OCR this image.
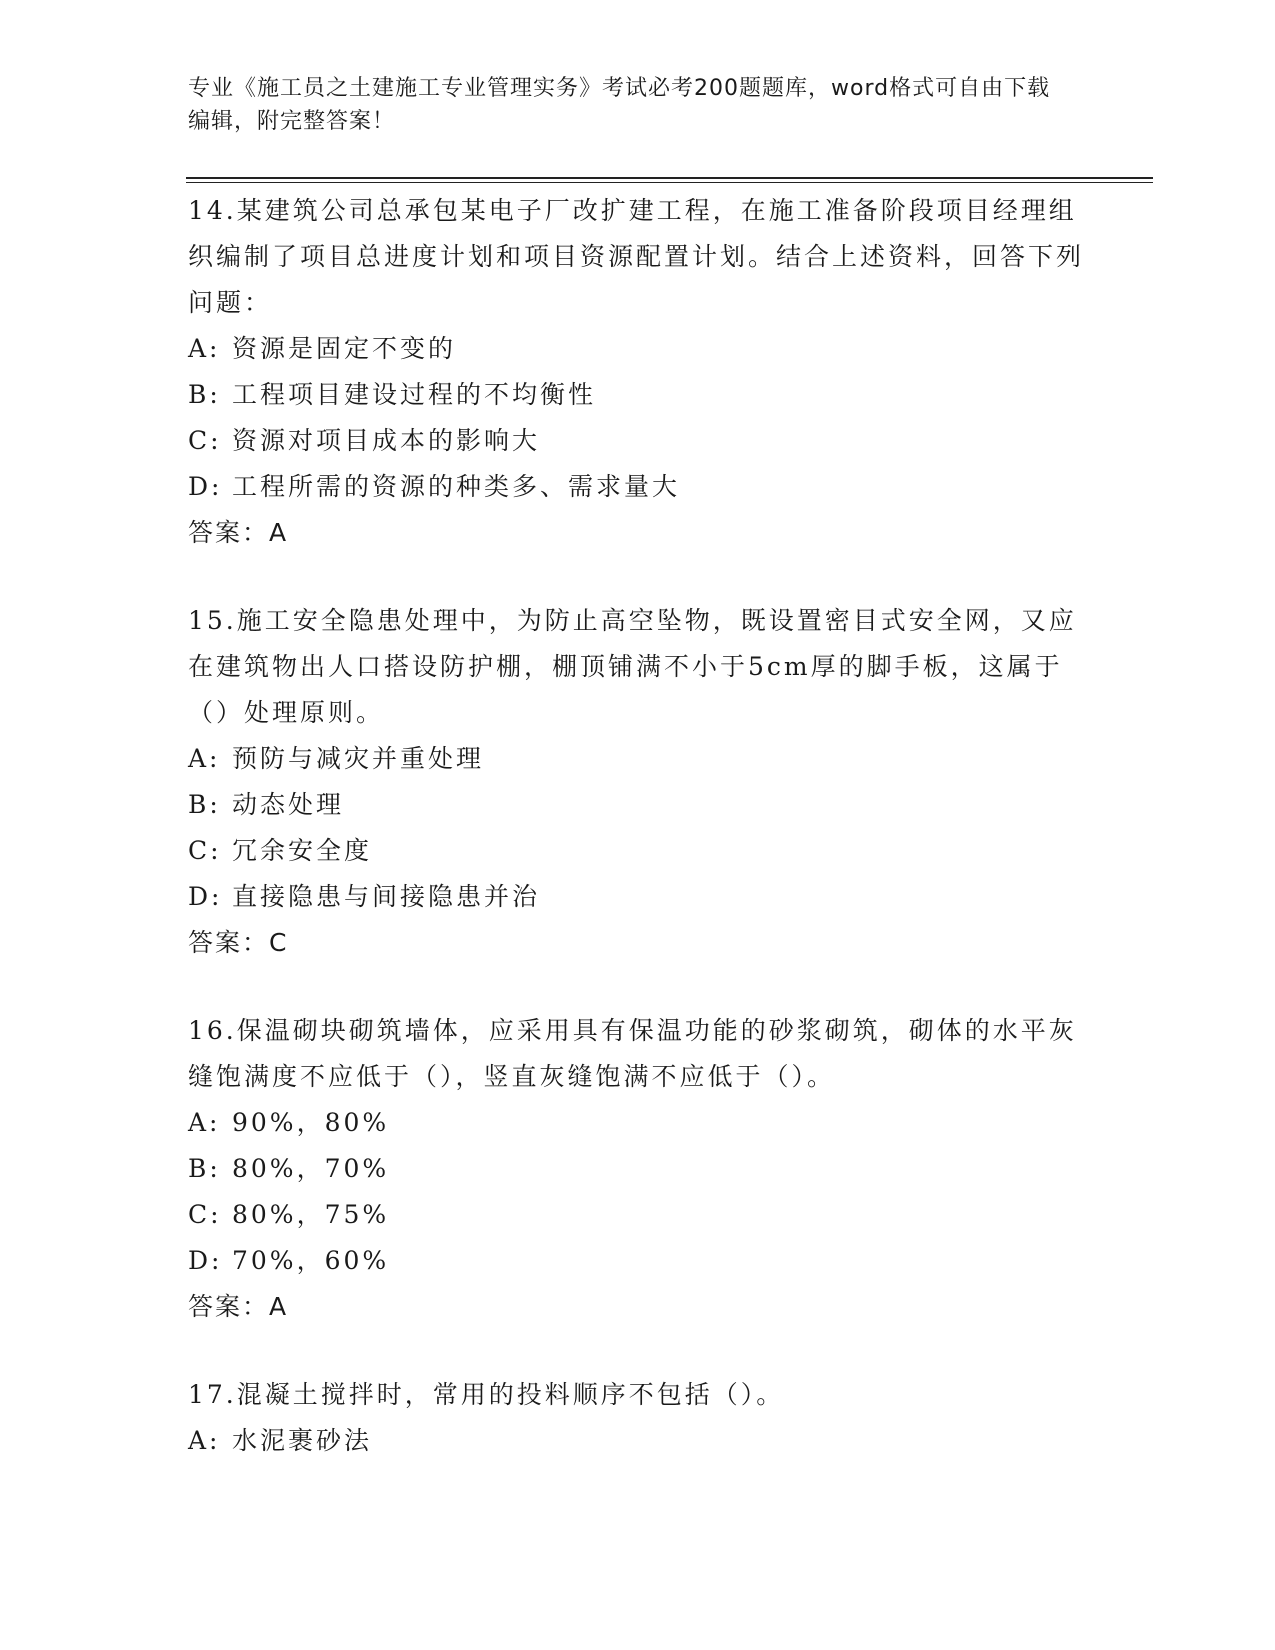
专业《施工员之土建施工专业管理实务》考试必考200题题库，word格式可自由下载编辑，附完整答案！

14.某建筑公司总承包某电子厂改扩建工程，在施工准备阶段项目经理组织编制了项目总进度计划和项目资源配置计划。结合上述资料，回答下列问题：

A: 资源是固定不变的

B: 工程项目建设过程的不均衡性

C: 资源对项目成本的影响大

D: 工程所需的资源的种类多、需求量大

答案：A

15.施工安全隐患处理中，为防止高空坠物，既设置密目式安全网，又应在建筑物出人口搭设防护棚，棚顶铺满不小于5cm厚的脚手板，这属于（）处理原则。

A: 预防与减灾并重处理

B: 动态处理

C: 冗余安全度

D: 直接隐患与间接隐患并治

答案：C

16.保温砌块砌筑墙体，应采用具有保温功能的砂浆砌筑，砌体的水平灰缝饱满度不应低于（），竖直灰缝饱满不应低于（）。

A: 90%，80%

B: 80%，70%

C: 80%，75%

D: 70%，60%

答案：A

17.混凝土搅拌时，常用的投料顺序不包括（）。

A: 水泥裹砂法
